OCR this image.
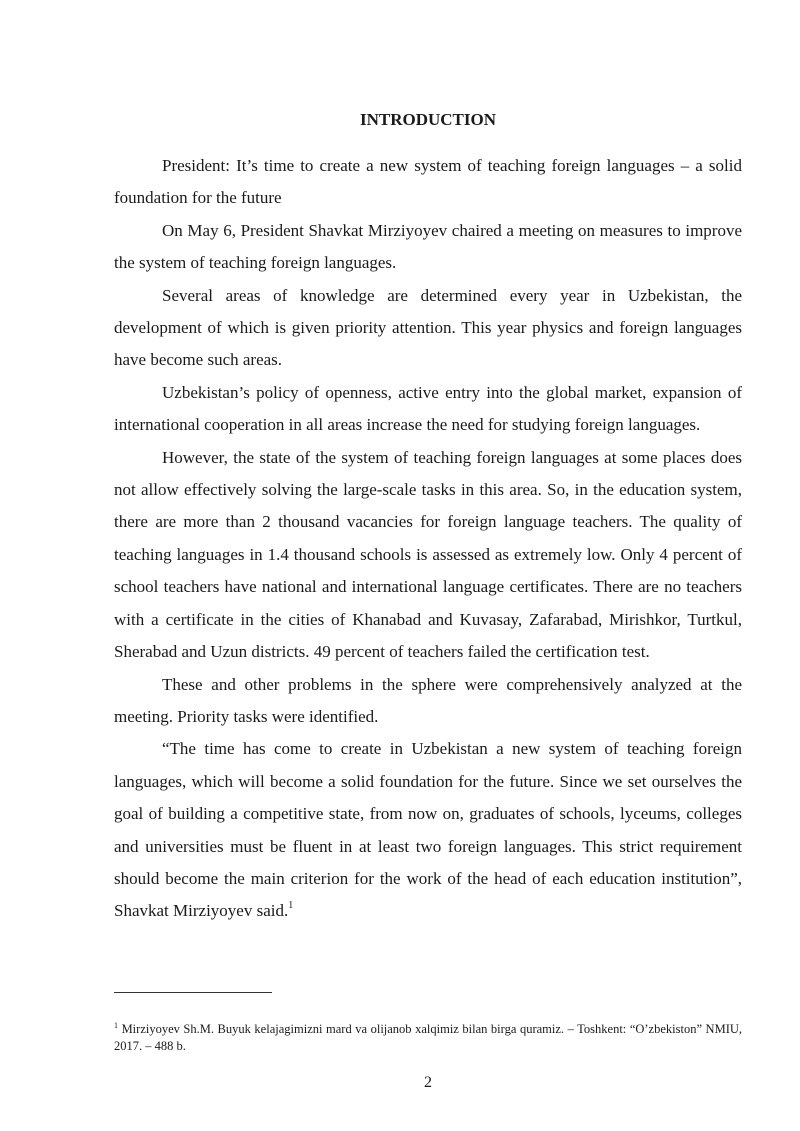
INTRODUCTION

President: It’s time to create a new system of teaching foreign languages – a solid foundation for the future

On May 6, President Shavkat Mirziyoyev chaired a meeting on measures to improve the system of teaching foreign languages.

Several areas of knowledge are determined every year in Uzbekistan, the development of which is given priority attention. This year physics and foreign languages have become such areas.

Uzbekistan’s policy of openness, active entry into the global market, expansion of international cooperation in all areas increase the need for studying foreign languages.

However, the state of the system of teaching foreign languages at some places does not allow effectively solving the large-scale tasks in this area. So, in the education system, there are more than 2 thousand vacancies for foreign language teachers. The quality of teaching languages in 1.4 thousand schools is assessed as extremely low. Only 4 percent of school teachers have national and international language certificates. There are no teachers with a certificate in the cities of Khanabad and Kuvasay, Zafarabad, Mirishkor, Turtkul, Sherabad and Uzun districts. 49 percent of teachers failed the certification test.

These and other problems in the sphere were comprehensively analyzed at the meeting. Priority tasks were identified.

“The time has come to create in Uzbekistan a new system of teaching foreign languages, which will become a solid foundation for the future. Since we set ourselves the goal of building a competitive state, from now on, graduates of schools, lyceums, colleges and universities must be fluent in at least two foreign languages. This strict requirement should become the main criterion for the work of the head of each education institution”, Shavkat Mirziyoyev said.$^1$

$^1$ Mirziyoyev Sh.M. Buyuk kelajagimizni mard va olijanob xalqimiz bilan birga quramiz. – Toshkent: “O’zbekiston” NMIU, 2017. – 488 b.
2
